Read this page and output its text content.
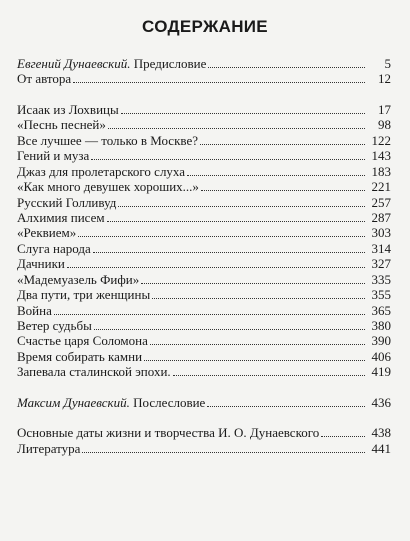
СОДЕРЖАНИЕ
Евгений Дунаевский. Предисловие	5
От автора	12
Исаак из Лохвицы	17
«Песнь песней»	98
Все лучшее — только в Москве?	122
Гений и муза	143
Джаз для пролетарского слуха	183
«Как много девушек хороших...»	221
Русский Голливуд	257
Алхимия писем	287
«Реквием»	303
Слуга народа	314
Дачники	327
«Мадемуазель Фифи»	335
Два пути, три женщины	355
Война	365
Ветер судьбы	380
Счастье царя Соломона	390
Время собирать камни	406
Запевала сталинской эпохи.	419
Максим Дунаевский. Послесловие	436
Основные даты жизни и творчества И. О. Дунаевского	438
Литература	441
